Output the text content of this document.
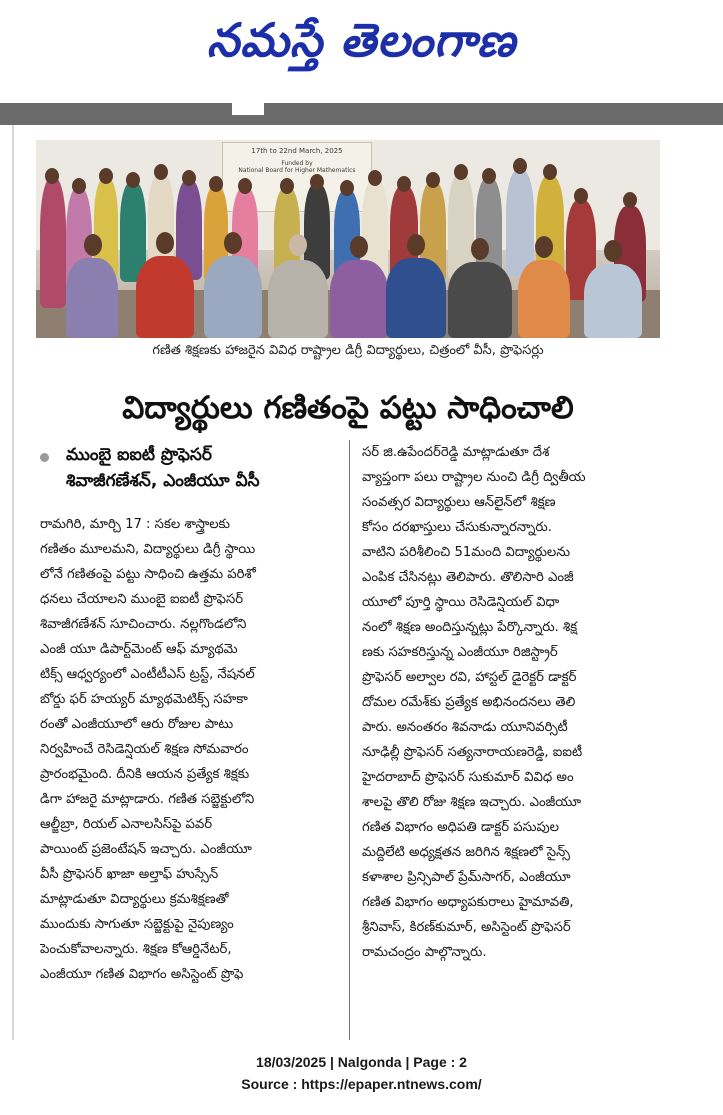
నమస్తే తెలంగాణ
17th to 22nd March, 2025
Funded by
National Board for Higher Mathematics
గణిత శిక్షణకు హాజరైన వివిధ రాష్ట్రాల డిగ్రీ విద్యార్థులు, చిత్రంలో వీసీ, ప్రొఫెసర్లు
విద్యార్థులు గణితంపై పట్టు సాధించాలి
ముంబై ఐఐటీ ప్రొఫెసర్
శివాజీగణేశన్, ఎంజీయూ వీసీ
రామగిరి, మార్చి 17 : సకల శాస్త్రాలకు
గణితం మూలమని, విద్యార్థులు డిగ్రీ స్థాయి
లోనే గణితంపై పట్టు సాధించి ఉత్తమ పరిశో
ధనలు చేయాలని ముంబై ఐఐటీ ప్రొఫెసర్
శివాజీగణేశన్ సూచించారు. నల్లగొండలోని
ఎంజీ యూ డిపార్ట్‌మెంట్ ఆఫ్ మ్యాథమె
టిక్స్ ఆధ్వర్యంలో ఎంటీటీఎస్ ట్రస్ట్, నేషనల్
బోర్డు ఫర్ హయ్యర్ మ్యాథమెటిక్స్ సహకా
రంతో ఎంజీయూలో ఆరు రోజుల పాటు
నిర్వహించే రెసిడెన్షియల్ శిక్షణ సోమవారం
ప్రారంభమైంది. దీనికి ఆయన ప్రత్యేక శిక్షకు
డిగా హాజరై మాట్లాడారు. గణిత సబ్జెక్టులోని
ఆల్జీబ్రా, రియల్ ఎనాలసిస్‌పై పవర్
పాయింట్ ప్రజెంటేషన్ ఇచ్చారు. ఎంజీయూ
వీసీ ప్రొఫెసర్ ఖాజా అల్తాఫ్ హుస్సేన్
మాట్లాడుతూ విద్యార్థులు క్రమశిక్షణతో
ముందుకు సాగుతూ సబ్జెక్టుపై నైపుణ్యం
పెంచుకోవాలన్నారు. శిక్షణ కోఆర్డినేటర్,
ఎంజీయూ గణిత విభాగం అసిస్టెంట్ ప్రొఫె
సర్ జి.ఉపేందర్‌రెడ్డి మాట్లాడుతూ దేశ
వ్యాప్తంగా పలు రాష్ట్రాల నుంచి డిగ్రీ ద్వితీయ
సంవత్సర విద్యార్థులు ఆన్‌లైన్‌లో శిక్షణ
కోసం దరఖాస్తులు చేసుకున్నారన్నారు.
వాటిని పరిశీలించి 51మంది విద్యార్థులను
ఎంపిక చేసినట్లు తెలిపారు. తొలిసారి ఎంజీ
యూలో పూర్తి స్థాయి రెసిడెన్షియల్ విధా
నంలో శిక్షణ అందిస్తున్నట్లు పేర్కొన్నారు. శిక్ష
ణకు సహకరిస్తున్న ఎంజీయూ రిజిస్ట్రార్
ప్రొఫెసర్ అల్వాల రవి, హాస్టల్ డైరెక్టర్ డాక్టర్
దోమల రమేశ్‌కు ప్రత్యేక అభినందనలు తెలి
పారు. అనంతరం శివనాడు యూనివర్సిటీ
నూఢిల్లీ ప్రొఫెసర్ సత్యనారాయణరెడ్డి, ఐఐటీ
హైదరాబాద్ ప్రొఫెసర్ సుకుమార్ వివిధ అం
శాలపై తొలి రోజు శిక్షణ ఇచ్చారు. ఎంజీయూ
గణిత విభాగం అధిపతి డాక్టర్ పసుపుల
మద్దిలేటి అధ్యక్షతన జరిగిన శిక్షణలో సైన్స్
కళాశాల ప్రిన్సిపాల్ ప్రేమ్‌సాగర్, ఎంజీయూ
గణిత విభాగం అధ్యాపకురాలు హైమావతి,
శ్రీనివాస్, కిరణ్‌కుమార్, అసిస్టెంట్ ప్రొఫెసర్
రామచంద్రం పాల్గొన్నారు.
18/03/2025 | Nalgonda | Page : 2
Source : https://epaper.ntnews.com/
